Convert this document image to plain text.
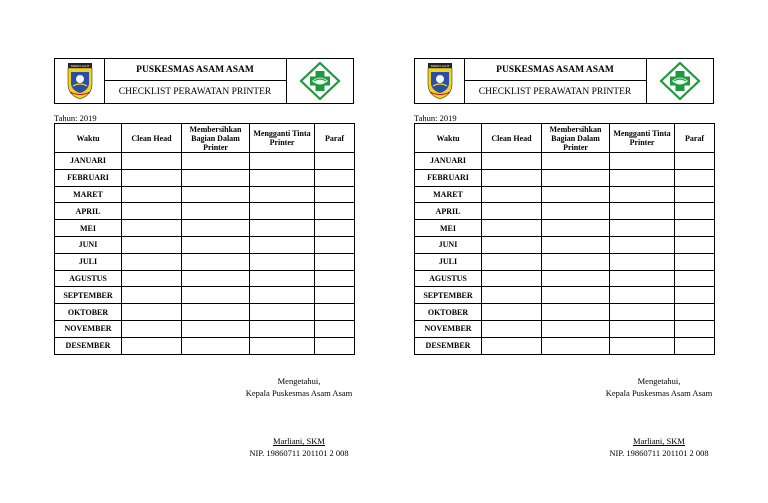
TANAH LAUT	PUSKESMAS ASAM ASAM
CHECKLIST PERAWATAN PRINTER
Tahun: 2019
Waktu	Clean Head	Membersihkan Bagian Dalam Printer	Mengganti Tinta Printer	Paraf
JANUARI				
FEBRUARI				
MARET				
APRIL				
MEI				
JUNI				
JULI				
AGUSTUS				
SEPTEMBER				
OKTOBER				
NOVEMBER				
DESEMBER				
Mengetahui,
Kepala Puskesmas Asam Asam
Marliani, SKM
NIP. 19860711 201101 2 008
TANAH LAUT	PUSKESMAS ASAM ASAM
CHECKLIST PERAWATAN PRINTER
Tahun: 2019
Waktu	Clean Head	Membersihkan Bagian Dalam Printer	Mengganti Tinta Printer	Paraf
JANUARI				
FEBRUARI				
MARET				
APRIL				
MEI				
JUNI				
JULI				
AGUSTUS				
SEPTEMBER				
OKTOBER				
NOVEMBER				
DESEMBER				
Mengetahui,
Kepala Puskesmas Asam Asam
Marliani, SKM
NIP. 19860711 201101 2 008
